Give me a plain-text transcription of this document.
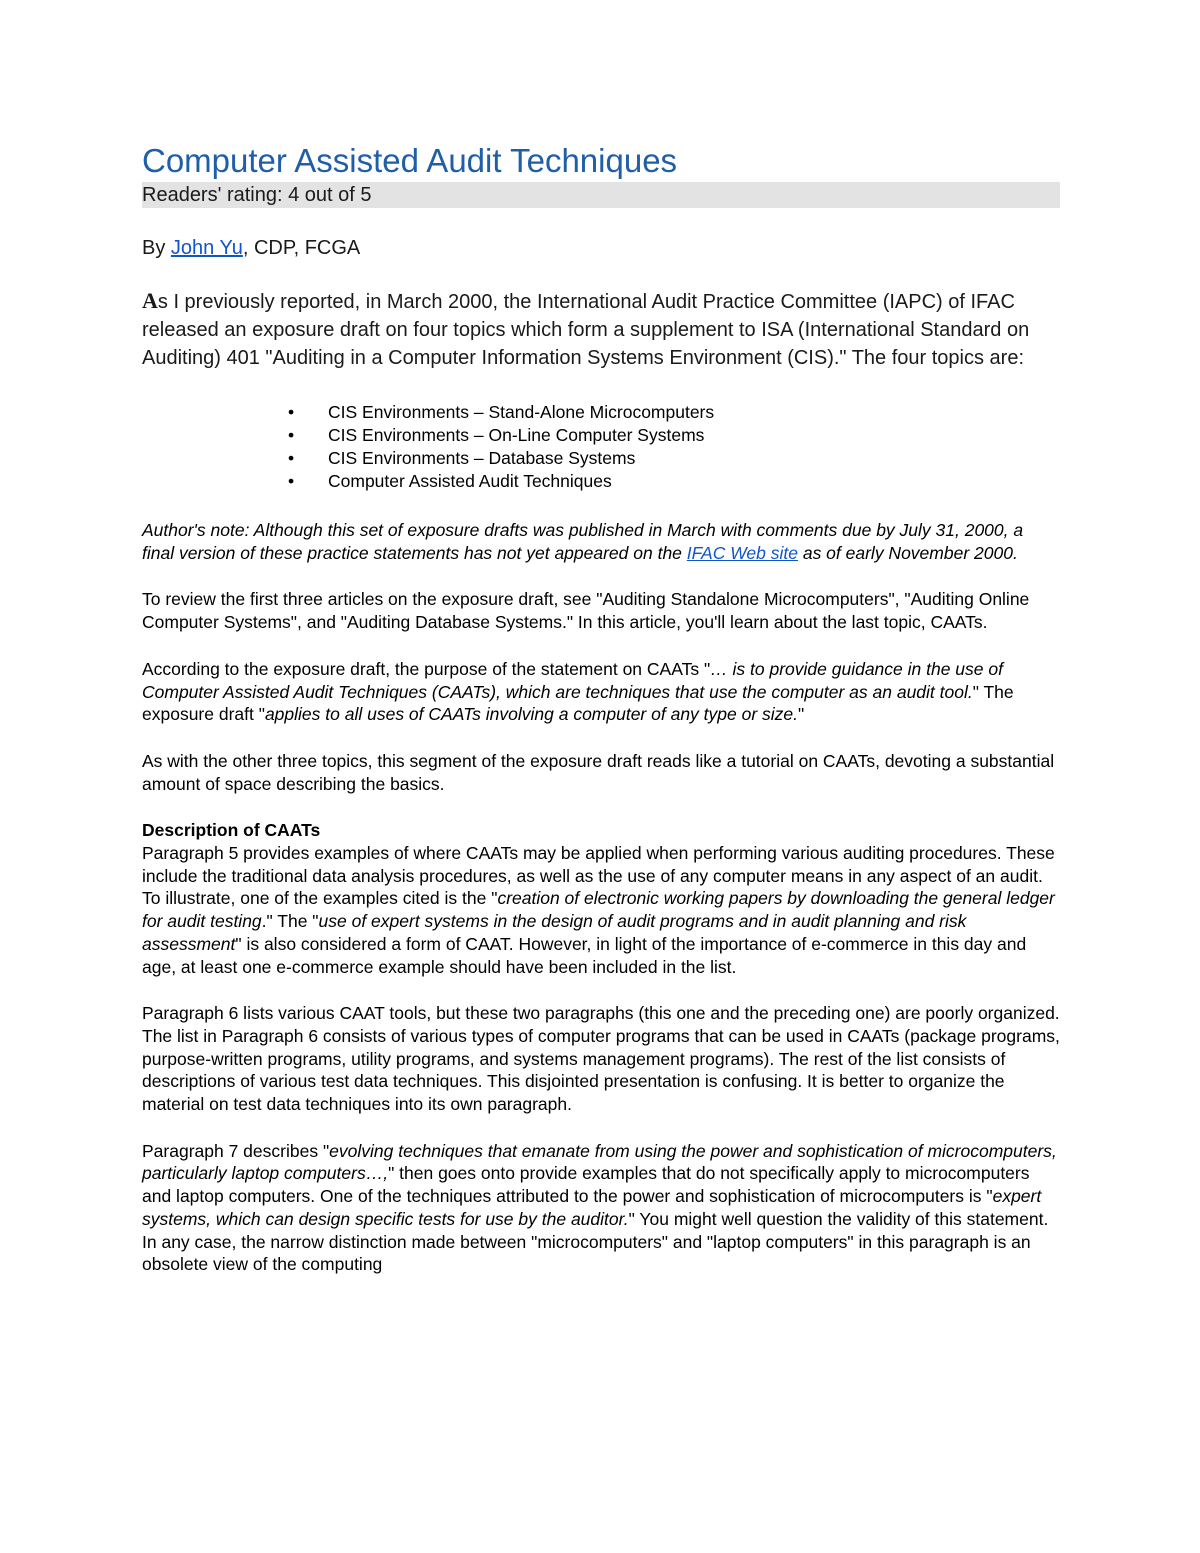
Computer Assisted Audit Techniques
Readers' rating: 4 out of 5
By John Yu, CDP, FCGA
As I previously reported, in March 2000, the International Audit Practice Committee (IAPC) of IFAC released an exposure draft on four topics which form a supplement to ISA (International Standard on Auditing) 401 "Auditing in a Computer Information Systems Environment (CIS)." The four topics are:
• CIS Environments – Stand-Alone Microcomputers
• CIS Environments – On-Line Computer Systems
• CIS Environments – Database Systems
• Computer Assisted Audit Techniques

Author's note: Although this set of exposure drafts was published in March with comments due by July 31, 2000, a final version of these practice statements has not yet appeared on the IFAC Web site as of early November 2000.

To review the first three articles on the exposure draft, see "Auditing Standalone Microcomputers", "Auditing Online Computer Systems", and "Auditing Database Systems." In this article, you'll learn about the last topic, CAATs.

According to the exposure draft, the purpose of the statement on CAATs "… is to provide guidance in the use of Computer Assisted Audit Techniques (CAATs), which are techniques that use the computer as an audit tool." The exposure draft "applies to all uses of CAATs involving a computer of any type or size."

As with the other three topics, this segment of the exposure draft reads like a tutorial on CAATs, devoting a substantial amount of space describing the basics.

Description of CAATs

Paragraph 5 provides examples of where CAATs may be applied when performing various auditing procedures. These include the traditional data analysis procedures, as well as the use of any computer means in any aspect of an audit. To illustrate, one of the examples cited is the "creation of electronic working papers by downloading the general ledger for audit testing." The "use of expert systems in the design of audit programs and in audit planning and risk assessment" is also considered a form of CAAT. However, in light of the importance of e-commerce in this day and age, at least one e-commerce example should have been included in the list.

Paragraph 6 lists various CAAT tools, but these two paragraphs (this one and the preceding one) are poorly organized. The list in Paragraph 6 consists of various types of computer programs that can be used in CAATs (package programs, purpose-written programs, utility programs, and systems management programs). The rest of the list consists of descriptions of various test data techniques. This disjointed presentation is confusing. It is better to organize the material on test data techniques into its own paragraph.

Paragraph 7 describes "evolving techniques that emanate from using the power and sophistication of microcomputers, particularly laptop computers…," then goes onto provide examples that do not specifically apply to microcomputers and laptop computers. One of the techniques attributed to the power and sophistication of microcomputers is "expert systems, which can design specific tests for use by the auditor." You might well question the validity of this statement. In any case, the narrow distinction made between "microcomputers" and "laptop computers" in this paragraph is an obsolete view of the computing
